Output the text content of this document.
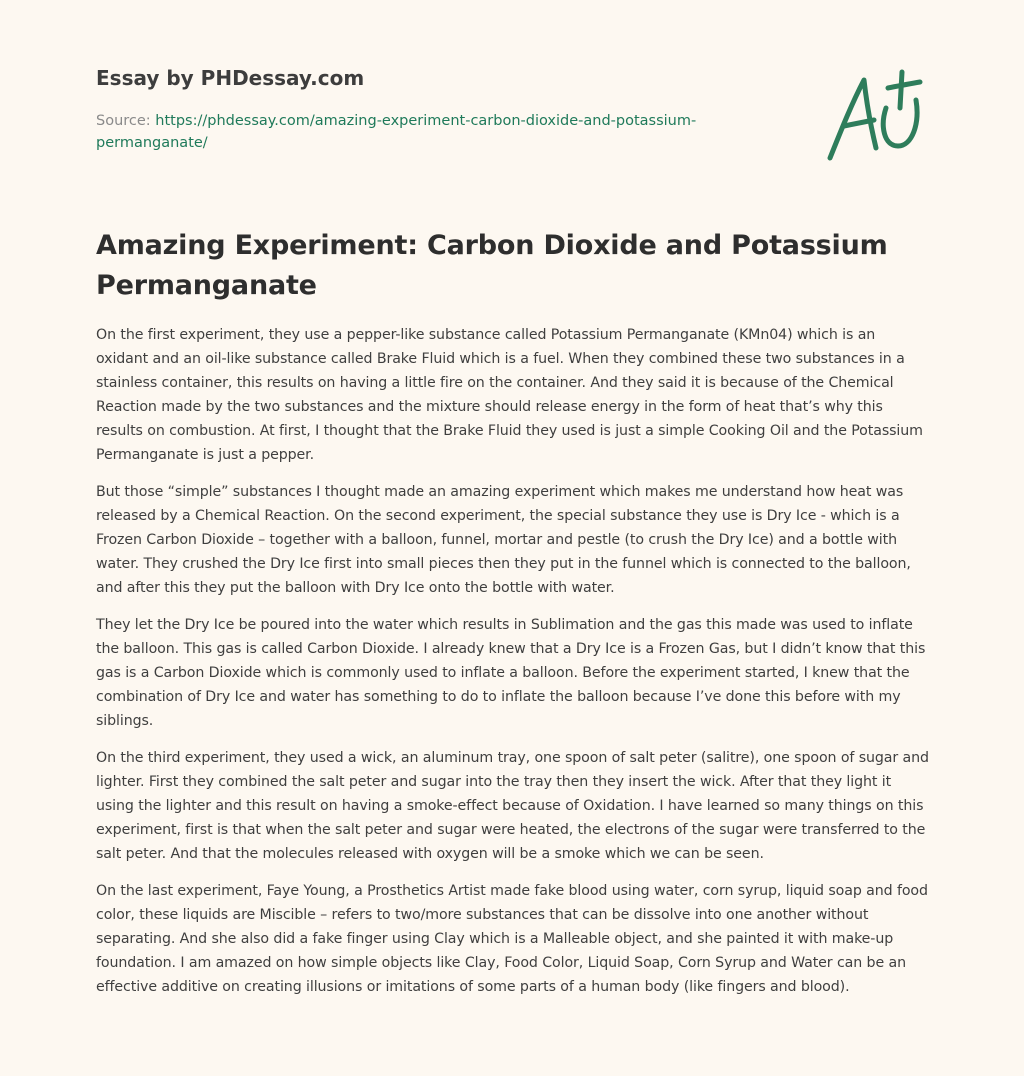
Essay by PHDessay.com
Source: https://phdessay.com/amazing-experiment-carbon-dioxide-and-potassium-permanganate/
Amazing Experiment: Carbon Dioxide and Potassium Permanganate

On the first experiment, they use a pepper-like substance called Potassium Permanganate (KMn04) which is an oxidant and an oil-like substance called Brake Fluid which is a fuel. When they combined these two substances in a stainless container, this results on having a little fire on the container. And they said it is because of the Chemical Reaction made by the two substances and the mixture should release energy in the form of heat that’s why this results on combustion. At first, I thought that the Brake Fluid they used is just a simple Cooking Oil and the Potassium Permanganate is just a pepper.

But those “simple” substances I thought made an amazing experiment which makes me understand how heat was released by a Chemical Reaction. On the second experiment, the special substance they use is Dry Ice - which is a Frozen Carbon Dioxide – together with a balloon, funnel, mortar and pestle (to crush the Dry Ice) and a bottle with water. They crushed the Dry Ice first into small pieces then they put in the funnel which is connected to the balloon, and after this they put the balloon with Dry Ice onto the bottle with water.

They let the Dry Ice be poured into the water which results in Sublimation and the gas this made was used to inflate the balloon. This gas is called Carbon Dioxide. I already knew that a Dry Ice is a Frozen Gas, but I didn’t know that this gas is a Carbon Dioxide which is commonly used to inflate a balloon. Before the experiment started, I knew that the combination of Dry Ice and water has something to do to inflate the balloon because I’ve done this before with my siblings.

On the third experiment, they used a wick, an aluminum tray, one spoon of salt peter (salitre), one spoon of sugar and lighter. First they combined the salt peter and sugar into the tray then they insert the wick. After that they light it using the lighter and this result on having a smoke-effect because of Oxidation. I have learned so many things on this experiment, first is that when the salt peter and sugar were heated, the electrons of the sugar were transferred to the salt peter. And that the molecules released with oxygen will be a smoke which we can be seen.

On the last experiment, Faye Young, a Prosthetics Artist made fake blood using water, corn syrup, liquid soap and food color, these liquids are Miscible – refers to two/more substances that can be dissolve into one another without separating. And she also did a fake finger using Clay which is a Malleable object, and she painted it with make-up foundation. I am amazed on how simple objects like Clay, Food Color, Liquid Soap, Corn Syrup and Water can be an effective additive on creating illusions or imitations of some parts of a human body (like fingers and blood).
